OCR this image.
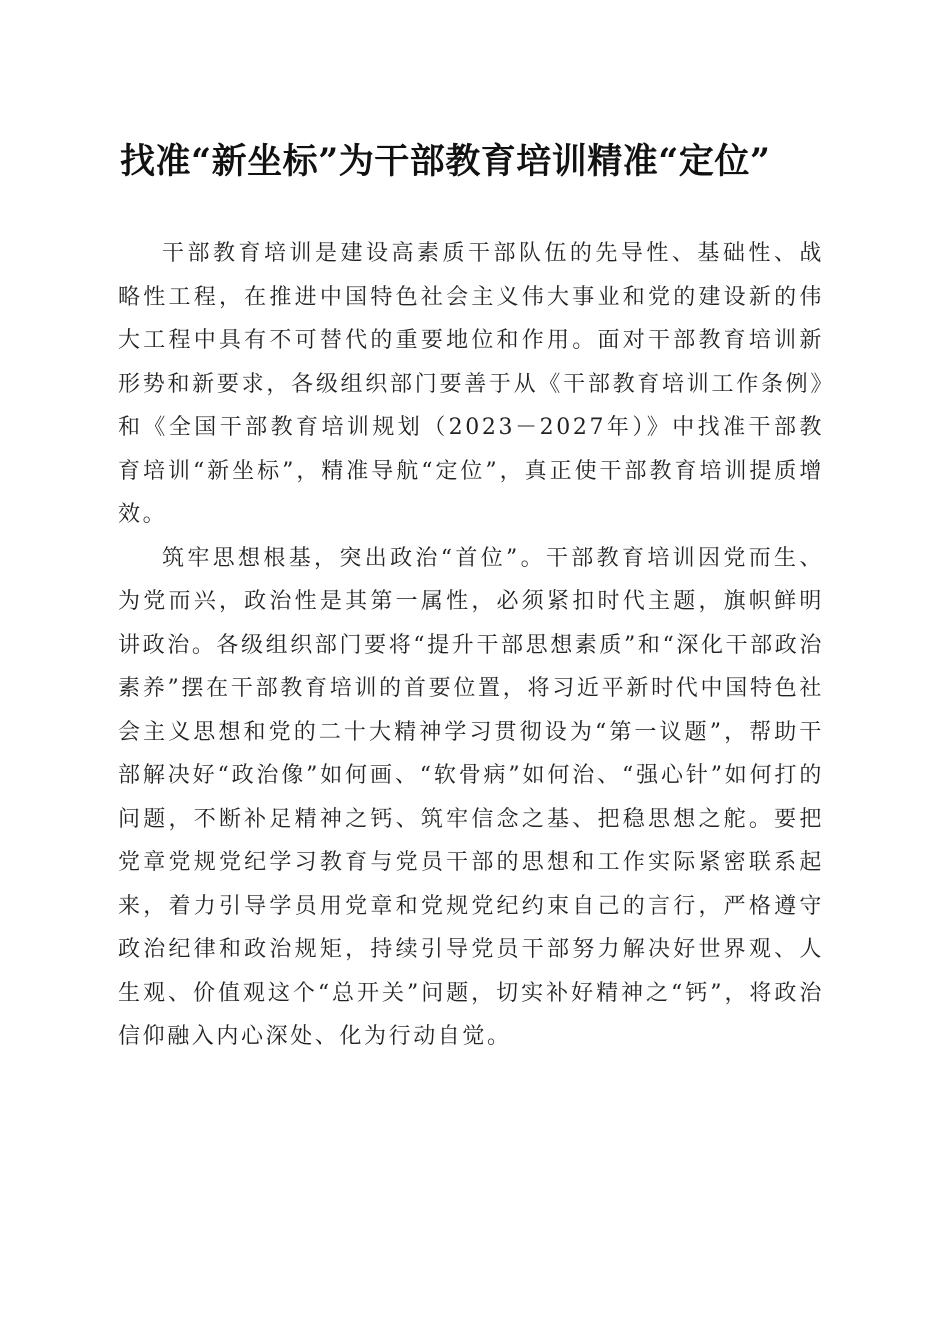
找准“新坐标”为干部教育培训精准“定位”

干部教育培训是建设高素质干部队伍的先导性、基础性、战略性工程，在推进中国特色社会主义伟大事业和党的建设新的伟大工程中具有不可替代的重要地位和作用。面对干部教育培训新形势和新要求，各级组织部门要善于从《干部教育培训工作条例》和《全国干部教育培训规划（2023－2027年）》中找准干部教育培训“新坐标”，精准导航“定位”，真正使干部教育培训提质增效。

筑牢思想根基，突出政治“首位”。干部教育培训因党而生、为党而兴，政治性是其第一属性，必须紧扣时代主题，旗帜鲜明讲政治。各级组织部门要将“提升干部思想素质”和“深化干部政治素养”摆在干部教育培训的首要位置，将习近平新时代中国特色社会主义思想和党的二十大精神学习贯彻设为“第一议题”，帮助干部解决好“政治像”如何画、“软骨病”如何治、“强心针”如何打的问题，不断补足精神之钙、筑牢信念之基、把稳思想之舵。要把党章党规党纪学习教育与党员干部的思想和工作实际紧密联系起来，着力引导学员用党章和党规党纪约束自己的言行，严格遵守政治纪律和政治规矩，持续引导党员干部努力解决好世界观、人生观、价值观这个“总开关”问题，切实补好精神之“钙”，将政治信仰融入内心深处、化为行动自觉。
